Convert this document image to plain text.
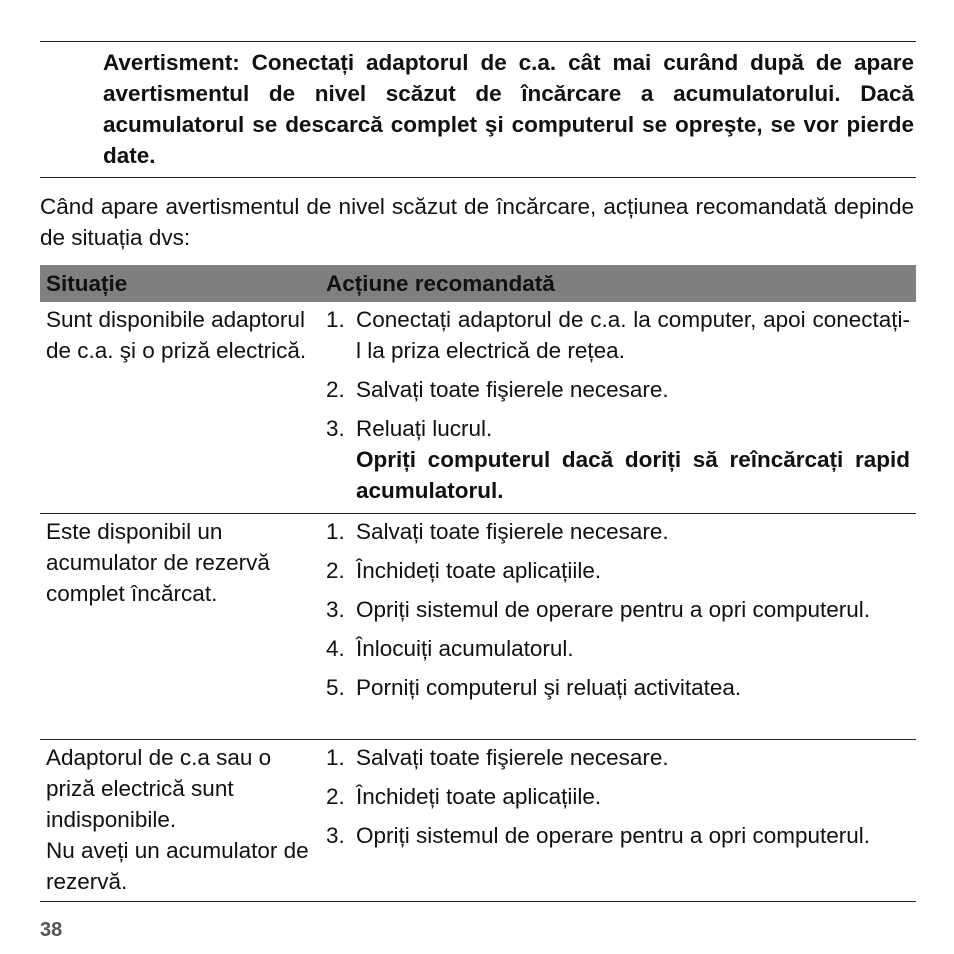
Avertisment: Conectați adaptorul de c.a. cât mai curând după de apare avertismentul de nivel scăzut de încărcare a acumulatorului. Dacă acumulatorul se descarcă complet şi computerul se opreşte, se vor pierde date.
Când apare avertismentul de nivel scăzut de încărcare, acțiunea recomandată depinde de situația dvs:
Situație	Acțiune recomandată
Sunt disponibile adaptorul de c.a. şi o priză electrică.
1. Conectați adaptorul de c.a. la computer, apoi conectați-l la priza electrică de rețea.
2. Salvați toate fişierele necesare.
3. Reluați lucrul.
Opriți computerul dacă doriți să reîncărcați rapid acumulatorul.
Este disponibil un acumulator de rezervă complet încărcat.
1. Salvați toate fişierele necesare.
2. Închideți toate aplicațiile.
3. Opriți sistemul de operare pentru a opri computerul.
4. Înlocuiți acumulatorul.
5. Porniți computerul şi reluați activitatea.
Adaptorul de c.a sau o priză electrică sunt indisponibile.
Nu aveți un acumulator de rezervă.
1. Salvați toate fişierele necesare.
2. Închideți toate aplicațiile.
3. Opriți sistemul de operare pentru a opri computerul.
38
